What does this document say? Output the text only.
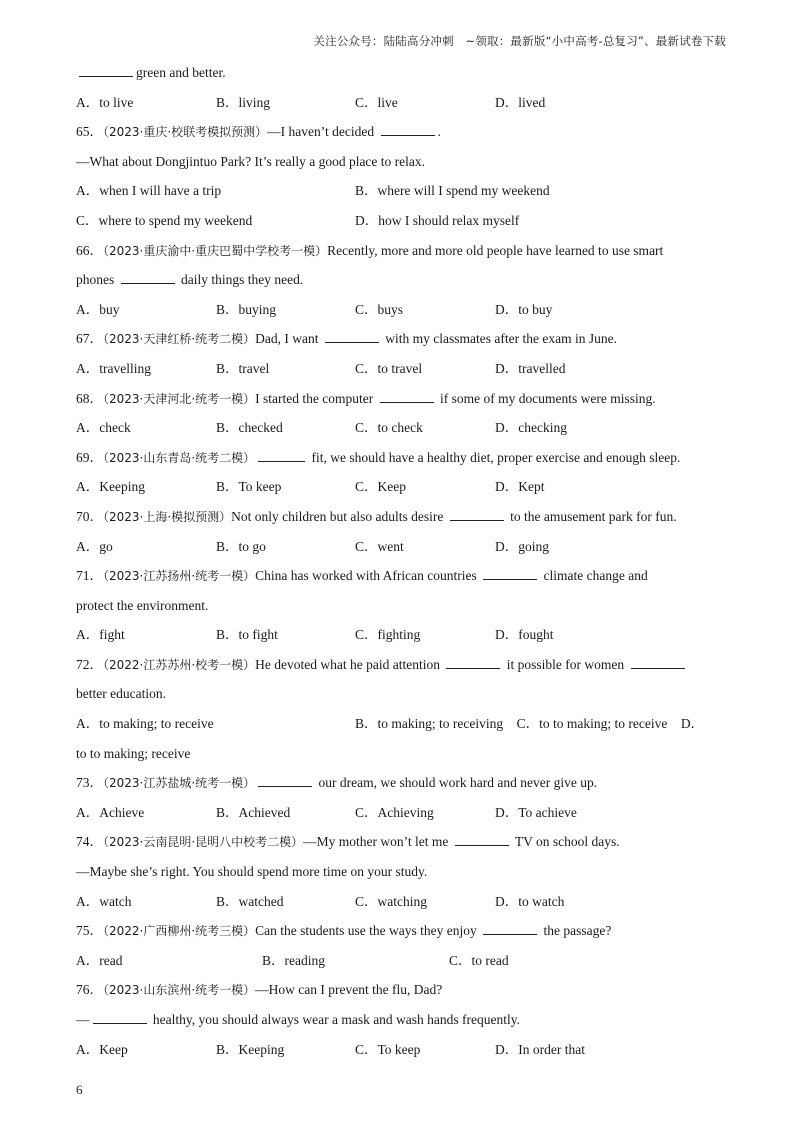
关注公众号：陆陆高分冲刺　~领取：最新版“小中高考-总复习”、最新试卷下载
green and better.
A．to live	B．living	C．live	D．lived
65．（2023·重庆·校联考模拟预测）—I haven’t decided	.
—What about Dongjintuo Park? It’s really a good place to relax.
A．when I will have a trip	B．where will I spend my weekend
C．where to spend my weekend	D．how I should relax myself
66．（2023·重庆渝中·重庆巴蜀中学校考一模）Recently, more and more old people have learned to use smart
phones	daily things they need.
A．buy	B．buying	C．buys	D．to buy
67．（2023·天津红桥·统考二模）Dad, I want	with my classmates after the exam in June.
A．travelling	B．travel	C．to travel	D．travelled
68．（2023·天津河北·统考一模）I started the computer	if some of my documents were missing.
A．check	B．checked	C．to check	D．checking
69．（2023·山东青岛·统考二模）	fit, we should have a healthy diet, proper exercise and enough sleep.
A．Keeping	B．To keep	C．Keep	D．Kept
70．（2023·上海·模拟预测）Not only children but also adults desire	to the amusement park for fun.
A．go	B．to go	C．went	D．going
71．（2023·江苏扬州·统考一模）China has worked with African countries	climate change and
protect the environment.
A．fight	B．to fight	C．fighting	D．fought
72．（2022·江苏苏州·校考一模）He devoted what he paid attention	it possible for women
better education.
A．to making; to receive	B．to making; to receiving　C．to to making; to receive　D．
to to making; receive
73．（2023·江苏盐城·统考一模）	our dream, we should work hard and never give up.
A．Achieve	B．Achieved	C．Achieving	D．To achieve
74．（2023·云南昆明·昆明八中校考二模）—My mother won’t let me	TV on school days.
—Maybe she’s right. You should spend more time on your study.
A．watch	B．watched	C．watching	D．to watch
75．（2022·广西柳州·统考三模）Can the students use the ways they enjoy	the passage?
A．read	B．reading	C．to read
76．（2023·山东滨州·统考一模）—How can I prevent the flu, Dad?
—	healthy, you should always wear a mask and wash hands frequently.
A．Keep	B．Keeping	C．To keep	D．In order that
6
